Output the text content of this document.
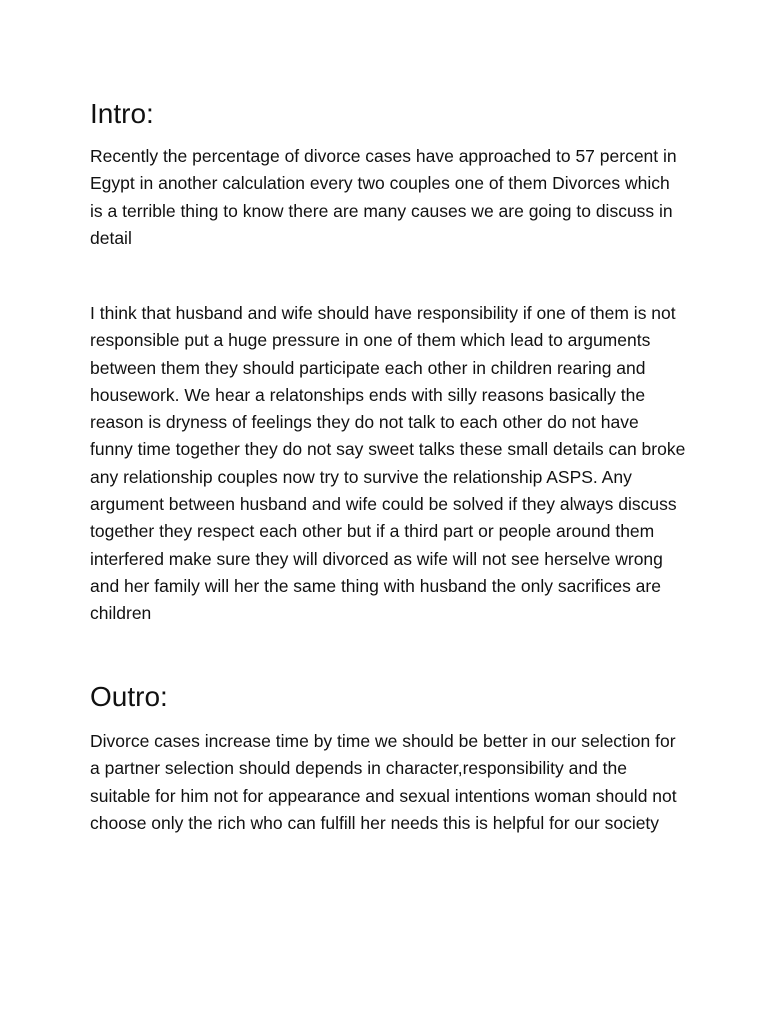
Intro:

Recently the percentage of divorce cases have approached to 57 percent in Egypt in another calculation every two couples one of them Divorces which is a terrible thing to know there are many causes we are going to discuss in detail

I think that husband and wife should have responsibility if one of them is not responsible put a huge pressure in one of them which lead to arguments between them they should participate each other in children rearing and housework. We hear a relatonships ends with silly reasons basically the reason is dryness of feelings they do not talk to each other do not have funny time together they do not say sweet talks these small details can broke any relationship couples now try to survive the relationship ASPS. Any argument between husband and wife could be solved if they always discuss together they respect each other but if a third part or people around them interfered make sure they will divorced as wife will not see herselve wrong and her family will her the same thing with husband the only sacrifices are children

Outro:

Divorce cases increase time by time we should be better in our selection for a partner selection should depends in character,responsibility and the suitable for him not for appearance and sexual intentions woman should not choose only the rich who can fulfill her needs this is helpful for our society
